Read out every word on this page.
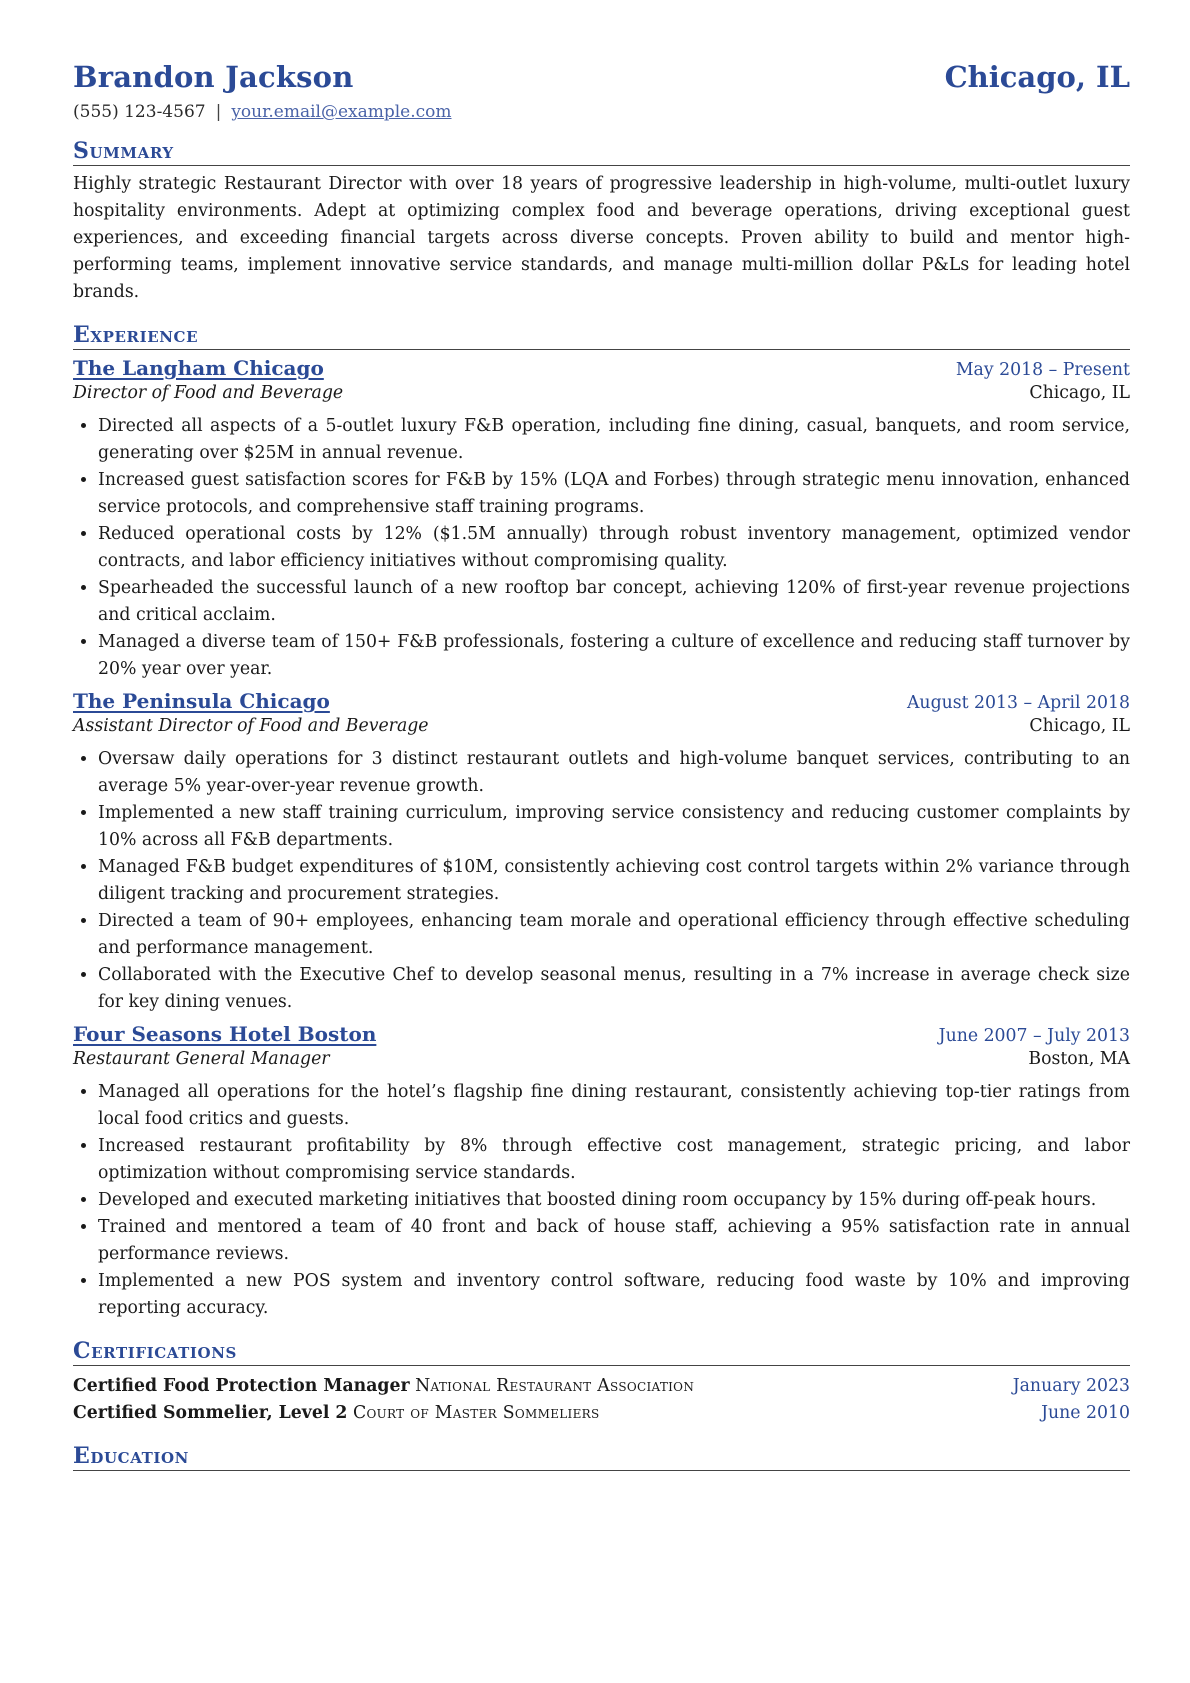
Brandon Jackson	Chicago, IL
(555) 123-4567 | your.email@example.com
Summary
Highly strategic Restaurant Director with over 18 years of progressive leadership in high-volume, multi-outlet luxury hospitality environments. Adept at optimizing complex food and beverage operations, driving exceptional guest experiences, and exceeding financial targets across diverse concepts. Proven ability to build and mentor high-performing teams, implement innovative service standards, and manage multi-million dollar P&Ls for leading hotel brands.
Experience
The Langham Chicago	May 2018 – Present
Director of Food and Beverage	Chicago, IL
• Directed all aspects of a 5-outlet luxury F&B operation, including fine dining, casual, banquets, and room service, generating over $25M in annual revenue.
• Increased guest satisfaction scores for F&B by 15% (LQA and Forbes) through strategic menu innovation, enhanced service protocols, and comprehensive staff training programs.
• Reduced operational costs by 12% ($1.5M annually) through robust inventory management, optimized vendor contracts, and labor efficiency initiatives without compromising quality.
• Spearheaded the successful launch of a new rooftop bar concept, achieving 120% of first-year revenue projections and critical acclaim.
• Managed a diverse team of 150+ F&B professionals, fostering a culture of excellence and reducing staff turnover by 20% year over year.
The Peninsula Chicago	August 2013 – April 2018
Assistant Director of Food and Beverage	Chicago, IL
• Oversaw daily operations for 3 distinct restaurant outlets and high-volume banquet services, contributing to an average 5% year-over-year revenue growth.
• Implemented a new staff training curriculum, improving service consistency and reducing customer complaints by 10% across all F&B departments.
• Managed F&B budget expenditures of $10M, consistently achieving cost control targets within 2% variance through diligent tracking and procurement strategies.
• Directed a team of 90+ employees, enhancing team morale and operational efficiency through effective scheduling and performance management.
• Collaborated with the Executive Chef to develop seasonal menus, resulting in a 7% increase in average check size for key dining venues.
Four Seasons Hotel Boston	June 2007 – July 2013
Restaurant General Manager	Boston, MA
• Managed all operations for the hotel’s flagship fine dining restaurant, consistently achieving top-tier ratings from local food critics and guests.
• Increased restaurant profitability by 8% through effective cost management, strategic pricing, and labor optimization without compromising service standards.
• Developed and executed marketing initiatives that boosted dining room occupancy by 15% during off-peak hours.
• Trained and mentored a team of 40 front and back of house staff, achieving a 95% satisfaction rate in annual performance reviews.
• Implemented a new POS system and inventory control software, reducing food waste by 10% and improving reporting accuracy.
Certifications
Certified Food Protection Manager National Restaurant Association	January 2023
Certified Sommelier, Level 2 Court of Master Sommeliers	June 2010
Education
